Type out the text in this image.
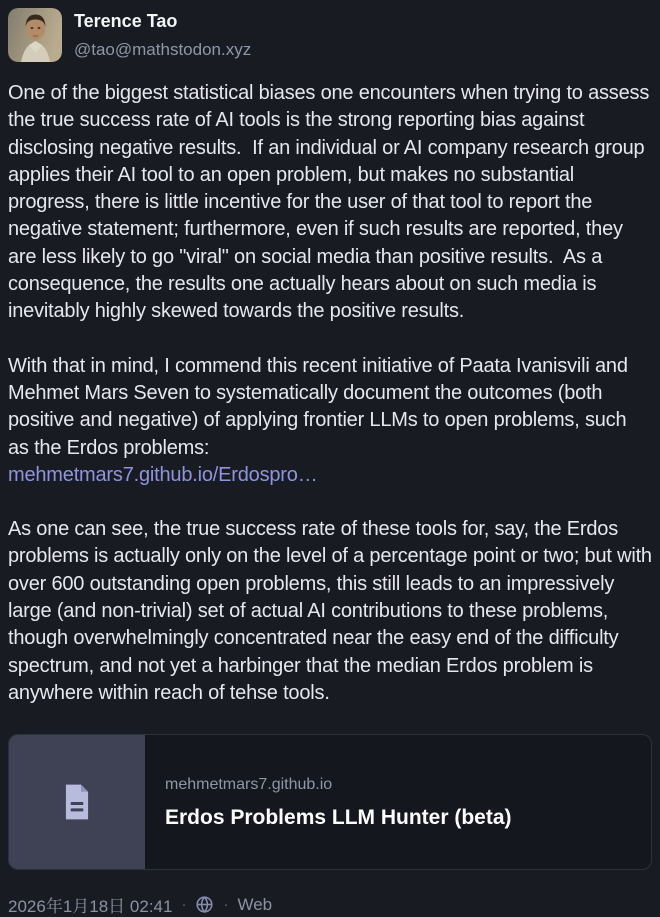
Terence Tao
@tao@mathstodon.xyz

One of the biggest statistical biases one encounters when trying to assess the true success rate of AI tools is the strong reporting bias against disclosing negative results.  If an individual or AI company research group applies their AI tool to an open problem, but makes no substantial progress, there is little incentive for the user of that tool to report the negative statement; furthermore, even if such results are reported, they are less likely to go "viral" on social media than positive results.  As a consequence, the results one actually hears about on such media is inevitably highly skewed towards the positive results.

With that in mind, I commend this recent initiative of Paata Ivanisvili and Mehmet Mars Seven to systematically document the outcomes (both positive and negative) of applying frontier LLMs to open problems, such as the Erdos problems:

mehmetmars7.github.io/Erdospro…

As one can see, the true success rate of these tools for, say, the Erdos problems is actually only on the level of a percentage point or two; but with over 600 outstanding open problems, this still leads to an impressively large (and non-trivial) set of actual AI contributions to these problems, though overwhelmingly concentrated near the easy end of the difficulty spectrum, and not yet a harbinger that the median Erdos problem is anywhere within reach of tehse tools.

mehmetmars7.github.io
Erdos Problems LLM Hunter (beta)
2026年1月18日 02:41 · · Web
